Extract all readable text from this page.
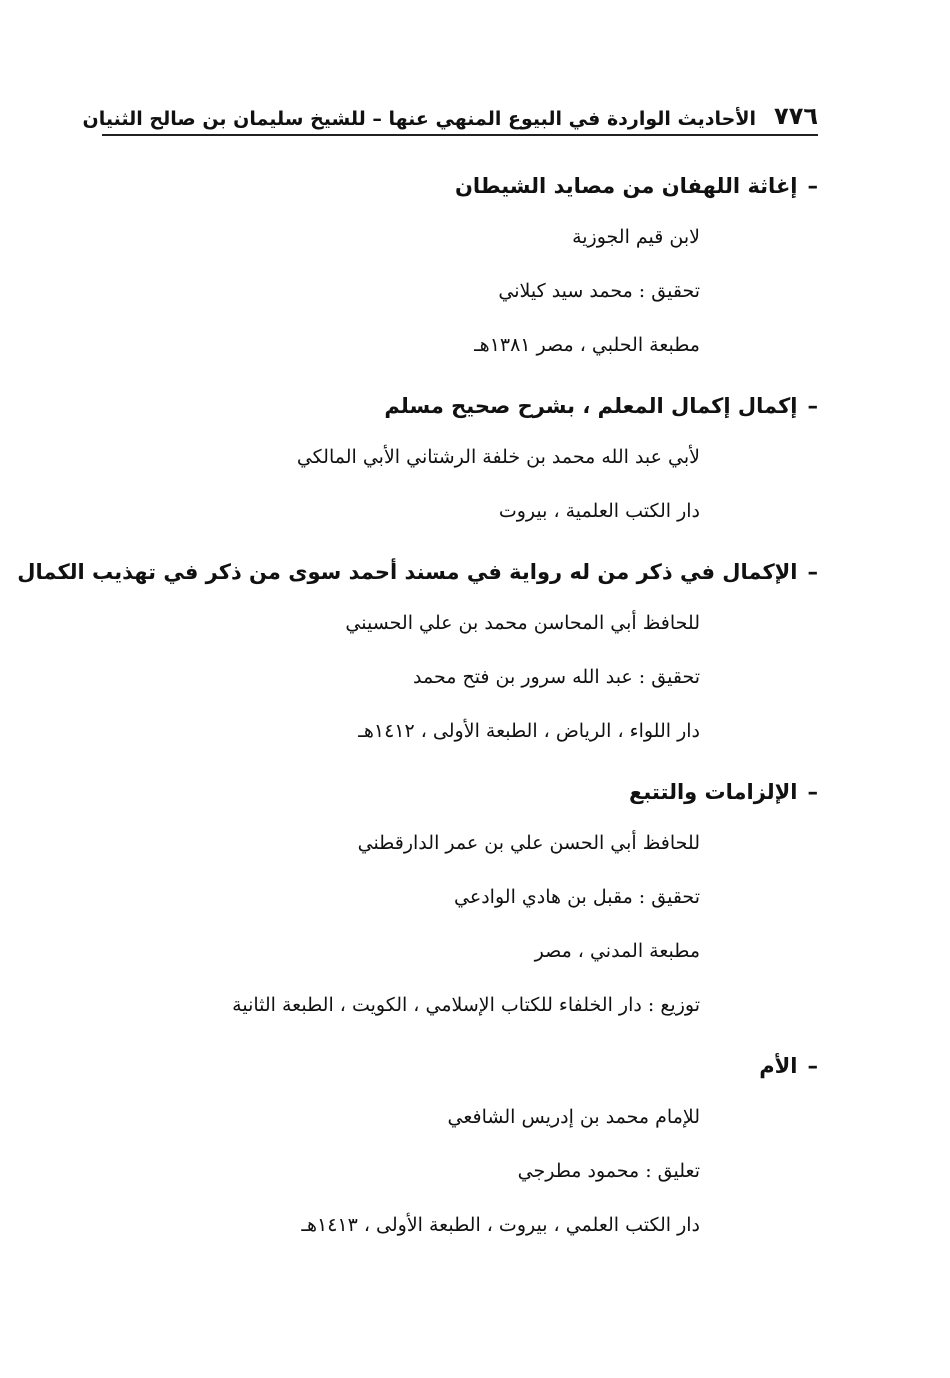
٧٧٦
الأحاديث الواردة في البيوع المنهي عنها – للشيخ سليمان بن صالح الثنيان
–إغاثة اللهفان من مصايد الشيطان
لابن قيم الجوزية
تحقيق : محمد سيد كيلاني
مطبعة الحلبي ، مصر ١٣٨١هـ
–إكمال إكمال المعلم ، بشرح صحيح مسلم
لأبي عبد الله محمد بن خلفة الرشتاني الأبي المالكي
دار الكتب العلمية ، بيروت
–الإكمال في ذكر من له رواية في مسند أحمد سوى من ذكر في تهذيب الكمال
للحافظ أبي المحاسن محمد بن علي الحسيني
تحقيق : عبد الله سرور بن فتح محمد
دار اللواء ، الرياض ، الطبعة الأولى ، ١٤١٢هـ
–الإلزامات والتتبع
للحافظ أبي الحسن علي بن عمر الدارقطني
تحقيق : مقبل بن هادي الوادعي
مطبعة المدني ، مصر
توزيع : دار الخلفاء للكتاب الإسلامي ، الكويت ، الطبعة الثانية
–الأم
للإمام محمد بن إدريس الشافعي
تعليق : محمود مطرجي
دار الكتب العلمي ، بيروت ، الطبعة الأولى ، ١٤١٣هـ
